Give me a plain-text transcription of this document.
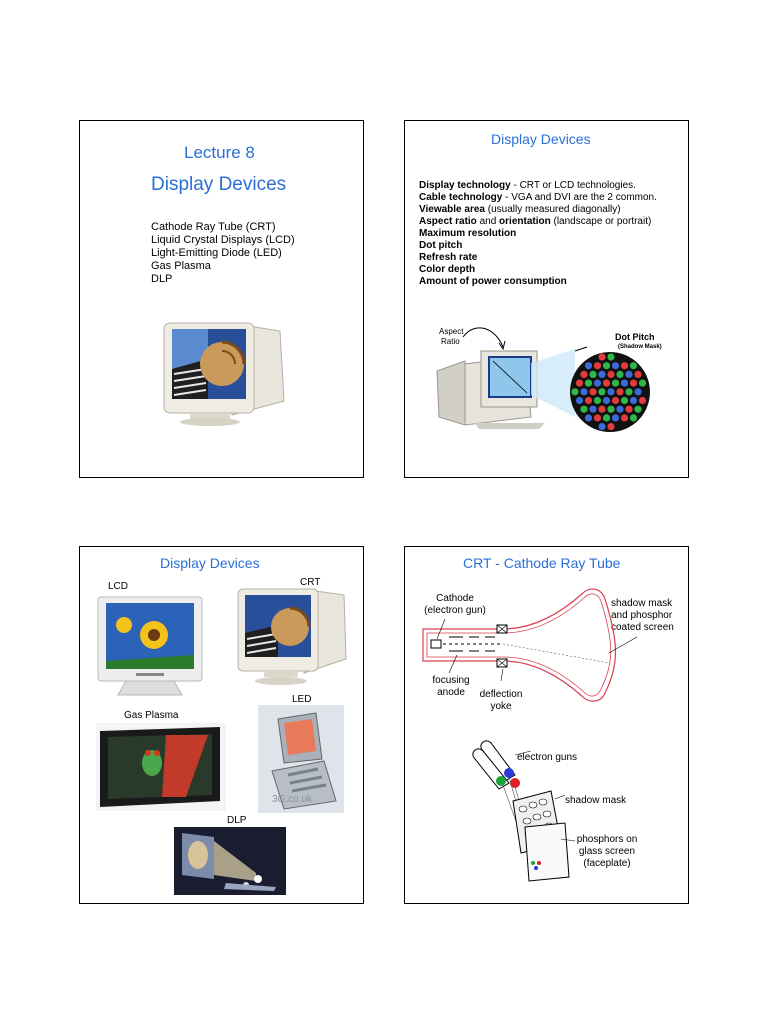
Lecture 8
Display Devices
Cathode Ray Tube (CRT)
Liquid Crystal Displays (LCD)
Light-Emitting Diode (LED)
Gas Plasma
DLP
Display Devices
Display technology - CRT or LCD technologies.
Cable technology - VGA and DVI are the 2 common.
Viewable area (usually measured diagonally)
Aspect ratio and orientation (landscape or portrait)
Maximum resolution
Dot pitch
Refresh rate
Color depth
Amount of power consumption
Aspect
Ratio	Dot Pitch
(Shadow Mask)
Display Devices
LCD	CRT
LED
Gas Plasma
DLP
3G.co.uk
CRT - Cathode Ray Tube
Cathode
(electron gun)
shadow mask
and phosphor
coated screen
focusing
anode	deflection
yoke
electron guns
shadow mask
phosphors on
glass screen
(faceplate)
